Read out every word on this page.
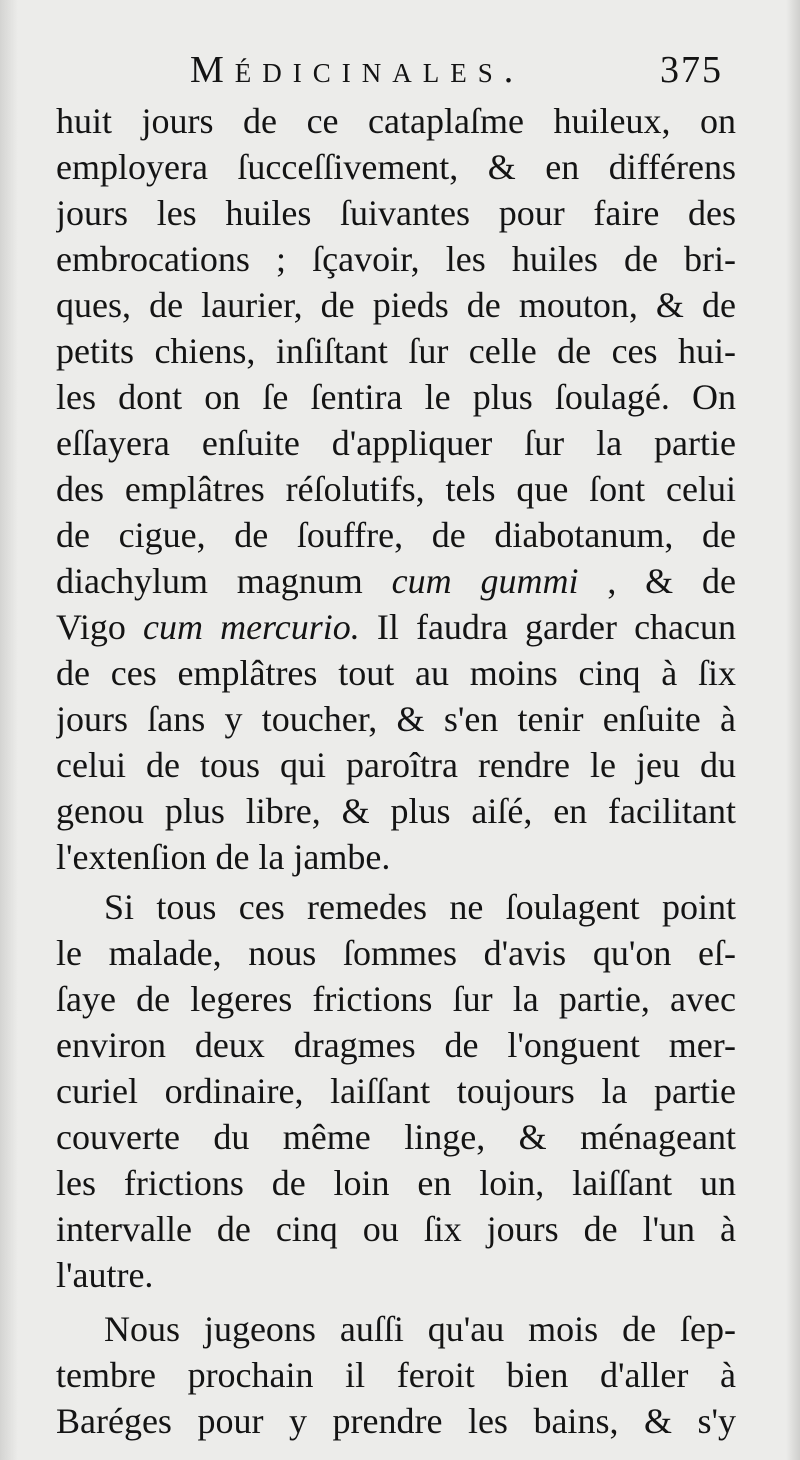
Médicinales.	375
huit jours de ce cataplaſme huileux, on
employera ſucceſſivement, & en différens
jours les huiles ſuivantes pour faire des
embrocations ; ſçavoir, les huiles de bri-
ques, de laurier, de pieds de mouton, & de
petits chiens, inſiſtant ſur celle de ces hui-
les dont on ſe ſentira le plus ſoulagé. On
eſſayera enſuite d'appliquer ſur la partie
des emplâtres réſolutifs, tels que ſont celui
de cigue, de ſouffre, de diabotanum, de
diachylum magnum cum gummi , & de
Vigo cum mercurio. Il faudra garder chacun
de ces emplâtres tout au moins cinq à ſix
jours ſans y toucher, & s'en tenir enſuite à
celui de tous qui paroîtra rendre le jeu du
genou plus libre, & plus aiſé, en facilitant
l'extenſion de la jambe.
Si tous ces remedes ne ſoulagent point
le malade, nous ſommes d'avis qu'on eſ-
ſaye de legeres frictions ſur la partie, avec
environ deux dragmes de l'onguent mer-
curiel ordinaire, laiſſant toujours la partie
couverte du même linge, & ménageant
les frictions de loin en loin, laiſſant un
intervalle de cinq ou ſix jours de l'un à
l'autre.
Nous jugeons auſſi qu'au mois de ſep-
tembre prochain il feroit bien d'aller à
Baréges pour y prendre les bains, & s'y
